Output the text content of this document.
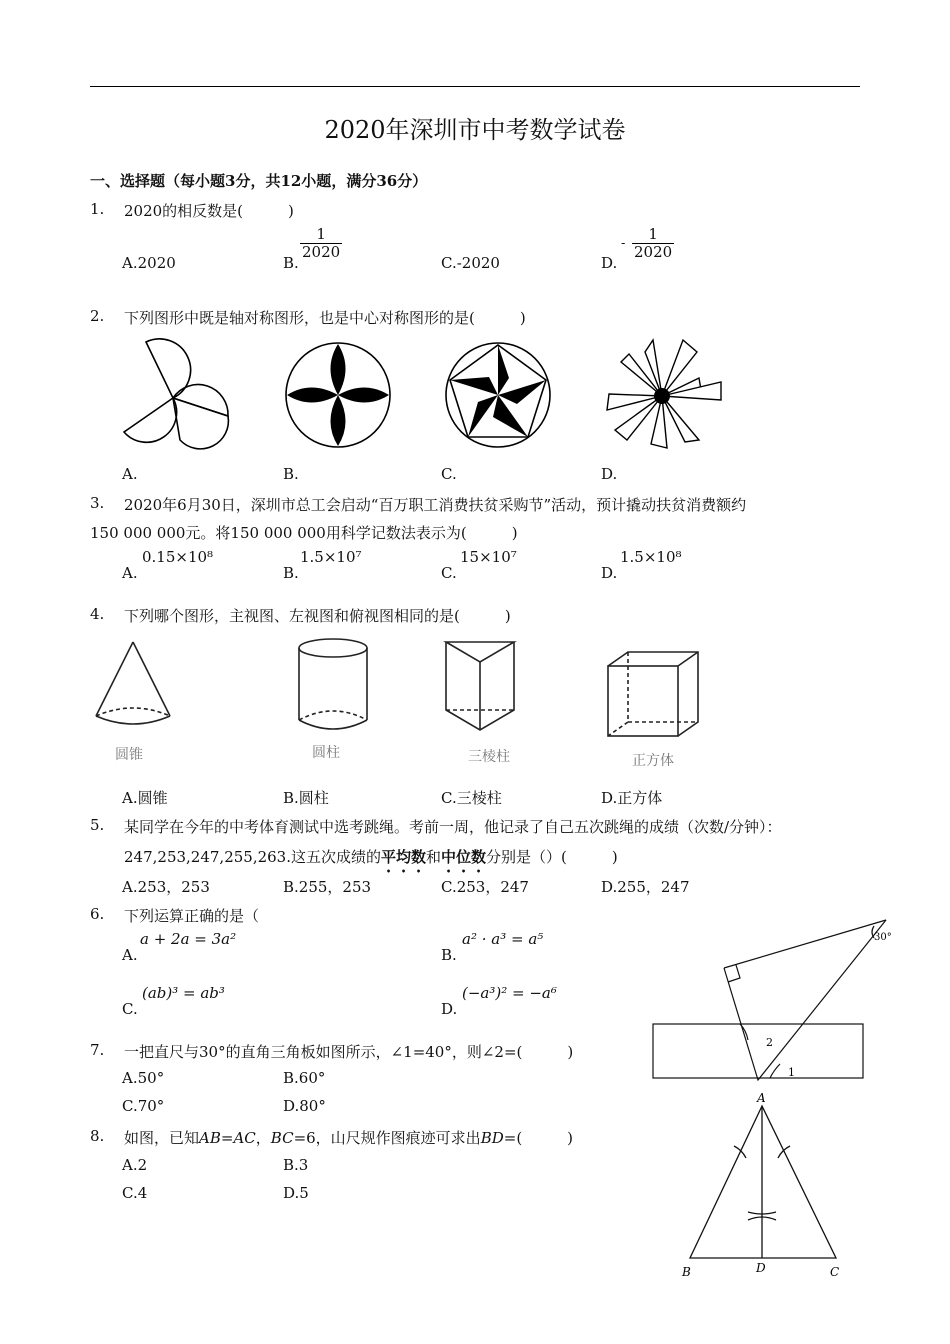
2020年深圳市中考数学试卷
一、选择题（每小题3分，共12小题，满分36分）
1. 2020的相反数是(　　　)
A.2020	B.
$\frac{1}{2020}$
C.-2020	D.
- $\frac{1}{2020}$
2. 下列图形中既是轴对称图形，也是中心对称图形的是(　　　)
A.	B.	C.	D.
3. 2020年6月30日，深圳市总工会启动“百万职工消费扶贫采购节”活动，预计撬动扶贫消费额约
150 000 000元。将150 000 000用科学记数法表示为(　　　)
A.
0.15×10⁸
B.
1.5×10⁷
C.
15×10⁷
D.
1.5×10⁸
4. 下列哪个图形，主视图、左视图和俯视图相同的是(　　　)
圆锥	圆柱	三棱柱	正方体
A.圆锥	B.圆柱	C.三棱柱	D.正方体
5. 某同学在今年的中考体育测试中选考跳绳。考前一周，他记录了自己五次跳绳的成绩（次数/分钟）：
247,253,247,255,263.这五次成绩的平均数和中位数分别是（）(　　　)
A.253，253	B.255，253	C.253，247	D.255，247
6. 下列运算正确的是（
A.
a + 2a = 3a²
B.
a² · a³ = a⁵
C.
(ab)³ = ab³
D.
(−a³)² = −a⁶
30°
2
1
7. 一把直尺与30°的直角三角板如图所示，∠1=40°，则∠2=(　　　)
A.50°	B.60°
C.70°	D.80°
8. 如图，已知AB=AC，BC=6，山尺规作图痕迹可求出BD=(　　　)
A.2	B.3
C.4	D.5
A
B	D	C
